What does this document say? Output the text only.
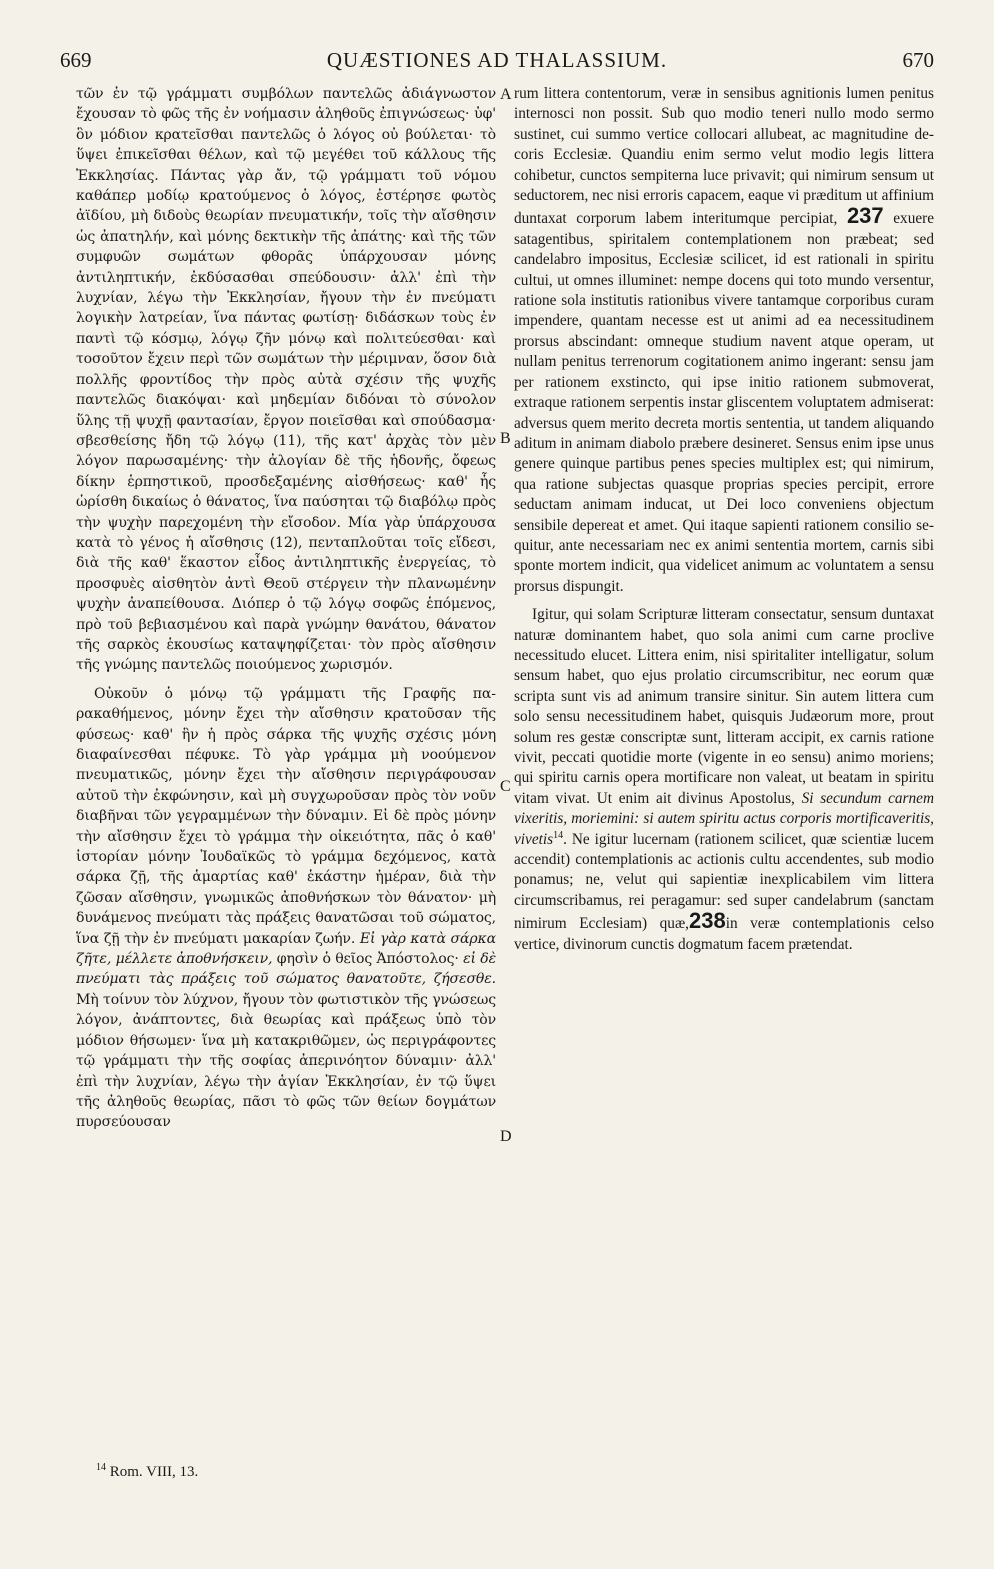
669	QUÆSTIONES AD THALASSIUM.	670

τῶν ἐν τῷ γράμματι συμβόλων παντελῶς ἀδιάγνωστον ἔχουσαν τὸ φῶς τῆς ἐν νοήμασιν ἀληθοῦς ἐπιγνώσεως· ὑφ' ὃν μόδιον κρατεῖσθαι παντελῶς ὁ λόγος οὐ βούλεται· τὸ ὕψει ἐπικεῖσθαι θέλων, καὶ τῷ μεγέθει τοῦ κάλλους τῆς Ἐκκλησίας. Πάντας γὰρ ἄν, τῷ γράμματι τοῦ νόμου καθάπερ μοδίῳ κρατούμενος ὁ λόγος, ἐστέρησε φωτὸς ἀϊδίου, μὴ διδοὺς θεωρίαν πνευματικήν, τοῖς τὴν αἴσθησιν ὡς ἀπατηλήν, καὶ μόνης δεκτικὴν τῆς ἀπάτης· καὶ τῆς τῶν συμφυῶν σωμάτων φθορᾶς ὑπάρχουσαν μόνης ἀντιληπτικήν, ἐκδύσασθαι σπεύδουσιν· ἀλλ' ἐπὶ τὴν λυχνίαν, λέγω τὴν Ἐκκλησίαν, ἤγουν τὴν ἐν πνεύματι λογικὴν λατρείαν, ἵνα πάντας φωτίσῃ· διδάσκων τοὺς ἐν παντὶ τῷ κόσμῳ, λόγῳ ζῆν μόνῳ καὶ πολιτεύεσθαι· καὶ τοσοῦτον ἔχειν περὶ τῶν σωμάτων τὴν μέριμναν, ὅσον διὰ πολλῆς φροντίδος τὴν πρὸς αὐτὰ σχέσιν τῆς ψυχῆς παντελῶς διακόψαι· καὶ μηδεμίαν διδόναι τὸ σύνολον ὕλης τῇ ψυχῇ φαντασίαν, ἔργον ποιεῖσθαι καὶ σπούδασμα· σβεσθείσης ἤδη τῷ λόγῳ (11), τῆς κατ' ἀρχὰς τὸν μὲν λόγον παρωσαμένης· τὴν ἀλογίαν δὲ τῆς ἡδονῆς, ὄφεως δίκην ἑρπηστικοῦ, προσδεξαμένης αἰσθήσεως· καθ' ἧς ὡρίσθη δικαίως ὁ θάνατος, ἵνα παύσηται τῷ διαβόλῳ πρὸς τὴν ψυχὴν παρεχομένη τὴν εἴσοδον. Μία γὰρ ὑπάρχουσα κατὰ τὸ γένος ἡ αἴσθησις (12), πενταπλοῦται τοῖς εἴδεσι, διὰ τῆς καθ' ἕκαστον εἶδος ἀντιληπτικῆς ἐνεργείας, τὸ προσφυὲς αἰσθητὸν ἀντὶ Θεοῦ στέργειν τὴν πλανωμένην ψυχὴν ἀναπείθουσα. Διόπερ ὁ τῷ λόγῳ σοφῶς ἑπόμενος, πρὸ τοῦ βεβιασμένου καὶ παρὰ γνώμην θανάτου, θάνατον τῆς σαρκὸς ἑκουσίως καταψηφίζεται· τὸν πρὸς αἴσθησιν τῆς γνώμης παντελῶς ποιούμενος χωρισμόν.

Οὐκοῦν ὁ μόνῳ τῷ γράμματι τῆς Γραφῆς παρακαθήμενος, μόνην ἔχει τὴν αἴσθησιν κρατοῦσαν τῆς φύσεως· καθ' ἣν ἡ πρὸς σάρκα τῆς ψυχῆς σχέσις μόνη διαφαίνεσθαι πέφυκε. Τὸ γὰρ γράμμα μὴ νοούμενον πνευματικῶς, μόνην ἔχει τὴν αἴσθησιν περιγράφουσαν αὐτοῦ τὴν ἐκφώνησιν, καὶ μὴ συγχωροῦσαν πρὸς τὸν νοῦν διαβῆναι τῶν γεγραμμένων τὴν δύναμιν. Εἰ δὲ πρὸς μόνην τὴν αἴσθησιν ἔχει τὸ γράμμα τὴν οἰκειότητα, πᾶς ὁ καθ' ἱστορίαν μόνην Ἰουδαϊκῶς τὸ γράμμα δεχόμενος, κατὰ σάρκα ζῇ, τῆς ἁμαρτίας καθ' ἑκάστην ἡμέραν, διὰ τὴν ζῶσαν αἴσθησιν, γνωμικῶς ἀποθνήσκων τὸν θάνατον· μὴ δυνάμενος πνεύματι τὰς πράξεις θανατῶσαι τοῦ σώματος, ἵνα ζῇ τὴν ἐν πνεύματι μακαρίαν ζωήν. Εἰ γὰρ κατὰ σάρκα ζῆτε, μέλλετε ἀποθνήσκειν, φησὶν ὁ θεῖος Ἀπόστολος· εἰ δὲ πνεύματι τὰς πράξεις τοῦ σώματος θανατοῦτε, ζήσεσθε. Μὴ τοίνυν τὸν λύχνον, ἤγουν τὸν φωτιστικὸν τῆς γνώσεως λόγον, ἀνάπτοντες, διὰ θεωρίας καὶ πράξεως ὑπὸ τὸν μόδιον θήσωμεν· ἵνα μὴ κατακριθῶμεν, ὡς περιγράφοντες τῷ γράμματι τὴν τῆς σοφίας ἀπερινόητον δύναμιν· ἀλλ' ἐπὶ τὴν λυχνίαν, λέγω τὴν ἁγίαν Ἐκκλησίαν, ἐν τῷ ὕψει τῆς ἀληθοῦς θεωρίας, πᾶσι τὸ φῶς τῶν θείων δογμάτων πυρσεύουσαν

A
B
C
D

rum littera contentorum, veræ in sensibus agnitionis lumen penitus internosci non possit. Sub quo modio teneri nullo modo sermo sustinet, cui summo vertice collocari allubeat, ac magnitudine decoris Ecclesiæ. Quandiu enim sermo velut modio legis littera cohibetur, cunctos sempiterna luce privavit; qui nimirum sensum ut seductorem, nec nisi erroris capacem, eaque vi præditum ut affinium duntaxat corporum labem interitumque percipiat, 237 exuere satagentibus, spiritalem contemplationem non præbeat; sed candelabro impositus, Ecclesiæ scilicet, id est rationali in spiritu cultui, ut omnes illuminet: nempe docens qui toto mundo versentur, ratione sola institutis rationibus vivere tantamque corporibus curam impendere, quantam necesse est ut animi ad ea necessitudinem prorsus abscindant: omneque studium navent atque operam, ut nullam penitus terrenorum cogitationem animo ingerant: sensu jam per rationem exstincto, qui ipse initio rationem submoverat, extraque rationem serpentis instar gliscentem voluptatem admiserat: adversus quem merito decreta mortis sententia, ut tandem aliquando aditum in animam diabolo præbere desineret. Sensus enim ipse unus genere quinque partibus penes species multiplex est; qui nimirum, qua ratione subjectas quasque proprias species percipit, errore seductam animam inducat, ut Dei loco conveniens objectum sensibile depereat et amet. Qui itaque sapienti rationem consilio sequitur, ante necessariam nec ex animi sententia mortem, carnis sibi sponte mortem indicit, qua videlicet animum ac voluntatem a sensu prorsus dispungit.

Igitur, qui solam Scripturæ litteram consectatur, sensum duntaxat naturæ dominantem habet, quo sola animi cum carne proclive necessitudo elucet. Littera enim, nisi spiritaliter intelligatur, solum sensum habet, quo ejus prolatio circumscribitur, nec eorum quæ scripta sunt vis ad animum transire sinitur. Sin autem littera cum solo sensu necessitudinem habet, quisquis Judæorum more, prout solum res gestæ conscriptæ sunt, litteram accipit, ex carnis ratione vivit, peccati quotidie morte (vigente in eo sensu) animo moriens; qui spiritu carnis opera mortificare non valeat, ut beatam in spiritu vitam vivat. Ut enim ait divinus Apostolus, Si secundum carnem vixeritis, moriemini: si autem spiritu actus corporis mortificaveritis, vivetis$^{14}$. Ne igitur lucernam (rationem scilicet, quæ scientiæ lucem accendit) contemplationis ac actionis cultu accendentes, sub modio ponamus; ne, velut qui sapientiæ inexplicabilem vim littera circumscribamus, rei peragamur: sed super candelabrum (sanctam nimirum Ecclesiam) quæ,238in veræ contemplationis celso vertice, divinorum cunctis dogmatum facem prætendat.

$^{14}$ Rom. VIII, 13.
